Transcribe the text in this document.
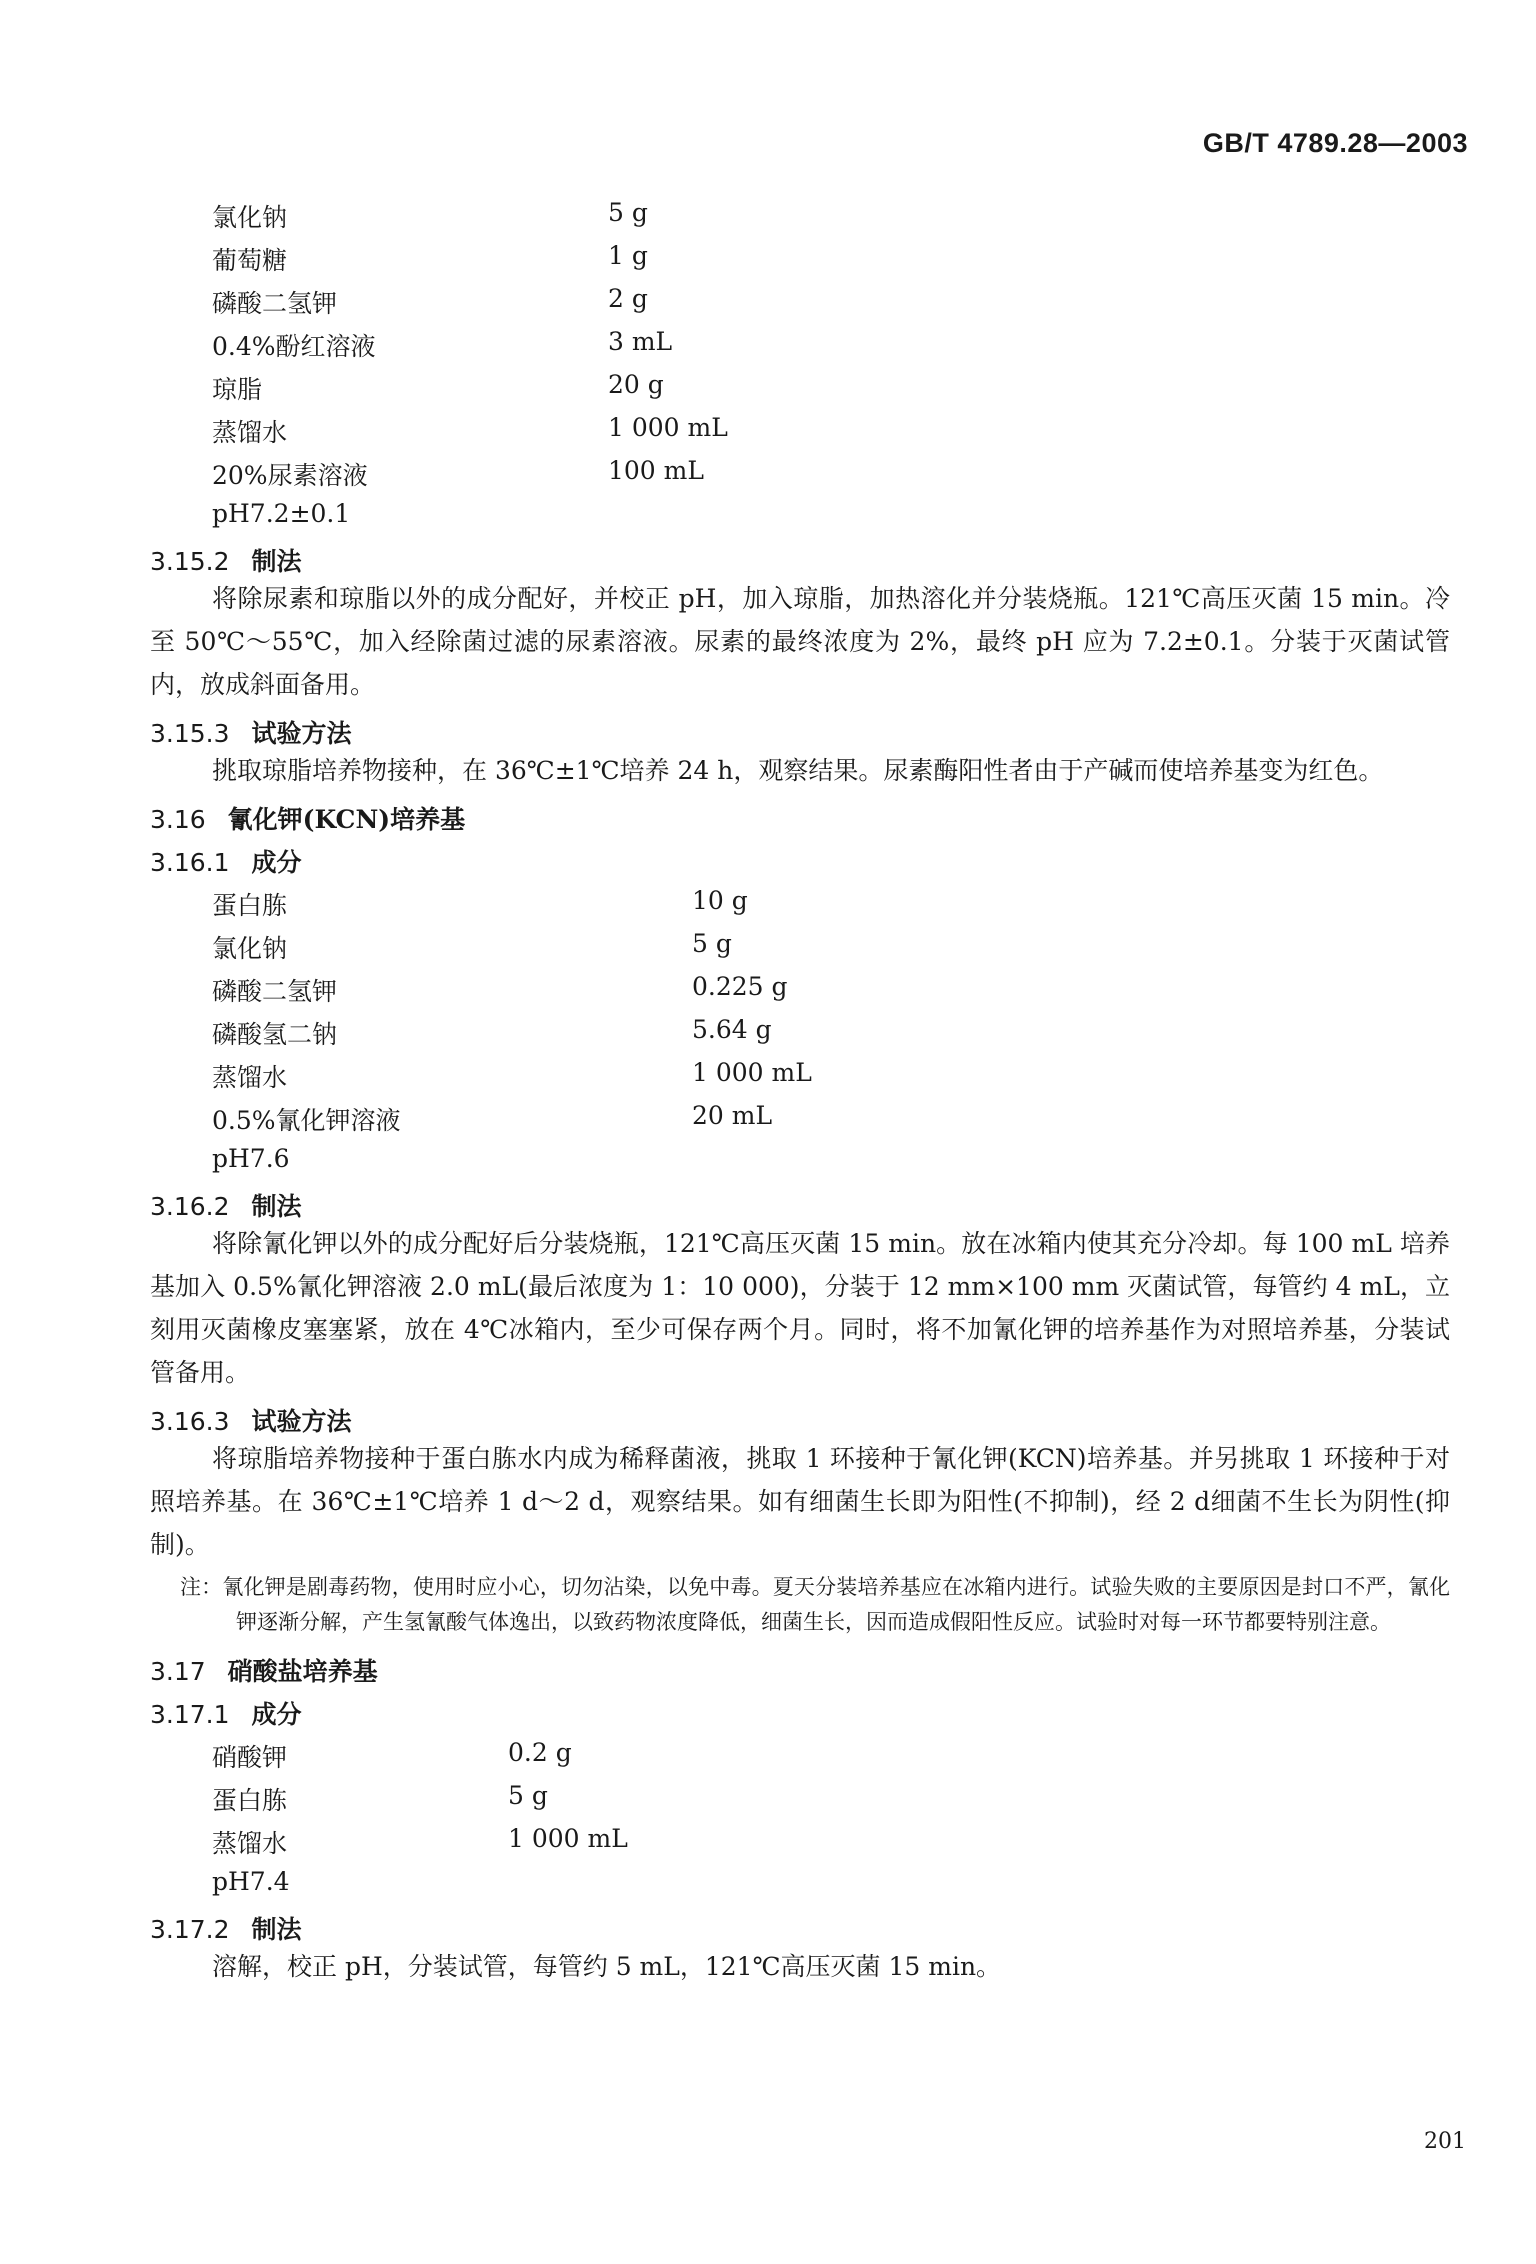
GB/T 4789.28—2003
氯化钠	5 g
葡萄糖	1 g
磷酸二氢钾	2 g
0.4%酚红溶液	3 mL
琼脂	20 g
蒸馏水	1 000 mL
20%尿素溶液	100 mL
pH7.2±0.1
3.15.2 制法

将除尿素和琼脂以外的成分配好，并校正 pH，加入琼脂，加热溶化并分装烧瓶。121℃高压灭菌 15 min。冷至 50℃～55℃，加入经除菌过滤的尿素溶液。尿素的最终浓度为 2%，最终 pH 应为 7.2±0.1。分装于灭菌试管内，放成斜面备用。

3.15.3 试验方法

挑取琼脂培养物接种，在 36℃±1℃培养 24 h，观察结果。尿素酶阳性者由于产碱而使培养基变为红色。

3.16 氰化钾(KCN)培养基
3.16.1 成分
蛋白胨	10 g
氯化钠	5 g
磷酸二氢钾	0.225 g
磷酸氢二钠	5.64 g
蒸馏水	1 000 mL
0.5%氰化钾溶液	20 mL
pH7.6
3.16.2 制法

将除氰化钾以外的成分配好后分装烧瓶，121℃高压灭菌 15 min。放在冰箱内使其充分冷却。每 100 mL 培养基加入 0.5%氰化钾溶液 2.0 mL(最后浓度为 1：10 000)，分装于 12 mm×100 mm 灭菌试管，每管约 4 mL，立刻用灭菌橡皮塞塞紧，放在 4℃冰箱内，至少可保存两个月。同时，将不加氰化钾的培养基作为对照培养基，分装试管备用。

3.16.3 试验方法

将琼脂培养物接种于蛋白胨水内成为稀释菌液，挑取 1 环接种于氰化钾(KCN)培养基。并另挑取 1 环接种于对照培养基。在 36℃±1℃培养 1 d～2 d，观察结果。如有细菌生长即为阳性(不抑制)，经 2 d细菌不生长为阴性(抑制)。

注：氰化钾是剧毒药物，使用时应小心，切勿沾染，以免中毒。夏天分装培养基应在冰箱内进行。试验失败的主要原因是封口不严，氰化钾逐渐分解，产生氢氰酸气体逸出，以致药物浓度降低，细菌生长，因而造成假阳性反应。试验时对每一环节都要特别注意。

3.17 硝酸盐培养基
3.17.1 成分
硝酸钾	0.2 g
蛋白胨	5 g
蒸馏水	1 000 mL
pH7.4
3.17.2 制法

溶解，校正 pH，分装试管，每管约 5 mL，121℃高压灭菌 15 min。

201
